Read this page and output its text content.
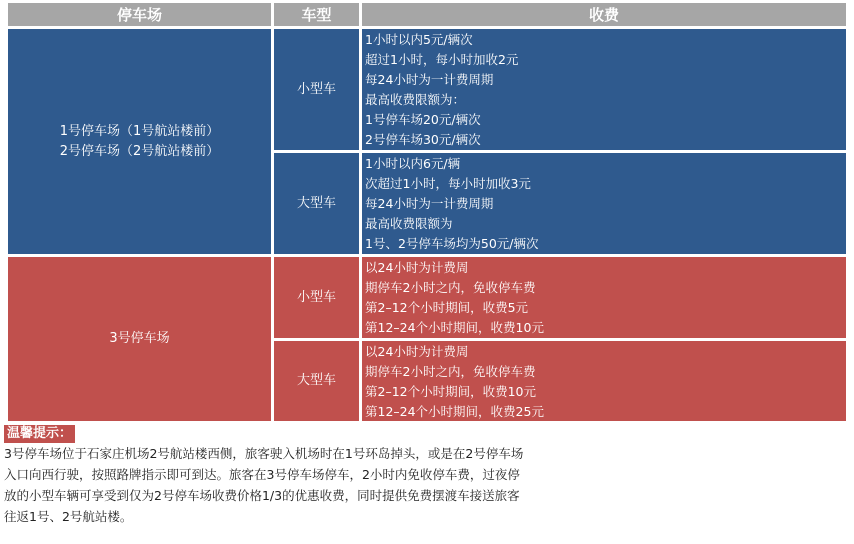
停车场	车型	收费
1号停车场（1号航站楼前）
2号停车场（2号航站楼前）
小型车
1小时以内5元/辆次
超过1小时，每小时加收2元
每24小时为一计费周期
最高收费限额为：
1号停车场20元/辆次
2号停车场30元/辆次
大型车
1小时以内6元/辆
次超过1小时，每小时加收3元
每24小时为一计费周期
最高收费限额为
1号、2号停车场均为50元/辆次
3号停车场
小型车
以24小时为计费周
期停车2小时之内，免收停车费
第2–12个小时期间，收费5元
第12–24个小时期间，收费10元
大型车
以24小时为计费周
期停车2小时之内，免收停车费
第2–12个小时期间，收费10元
第12–24个小时期间，收费25元
温馨提示：
3号停车场位于石家庄机场2号航站楼西侧，旅客驶入机场时在1号环岛掉头，或是在2号停车场
入口向西行驶，按照路牌指示即可到达。旅客在3号停车场停车，2小时内免收停车费，过夜停
放的小型车辆可享受到仅为2号停车场收费价格1/3的优惠收费，同时提供免费摆渡车接送旅客
往返1号、2号航站楼。
